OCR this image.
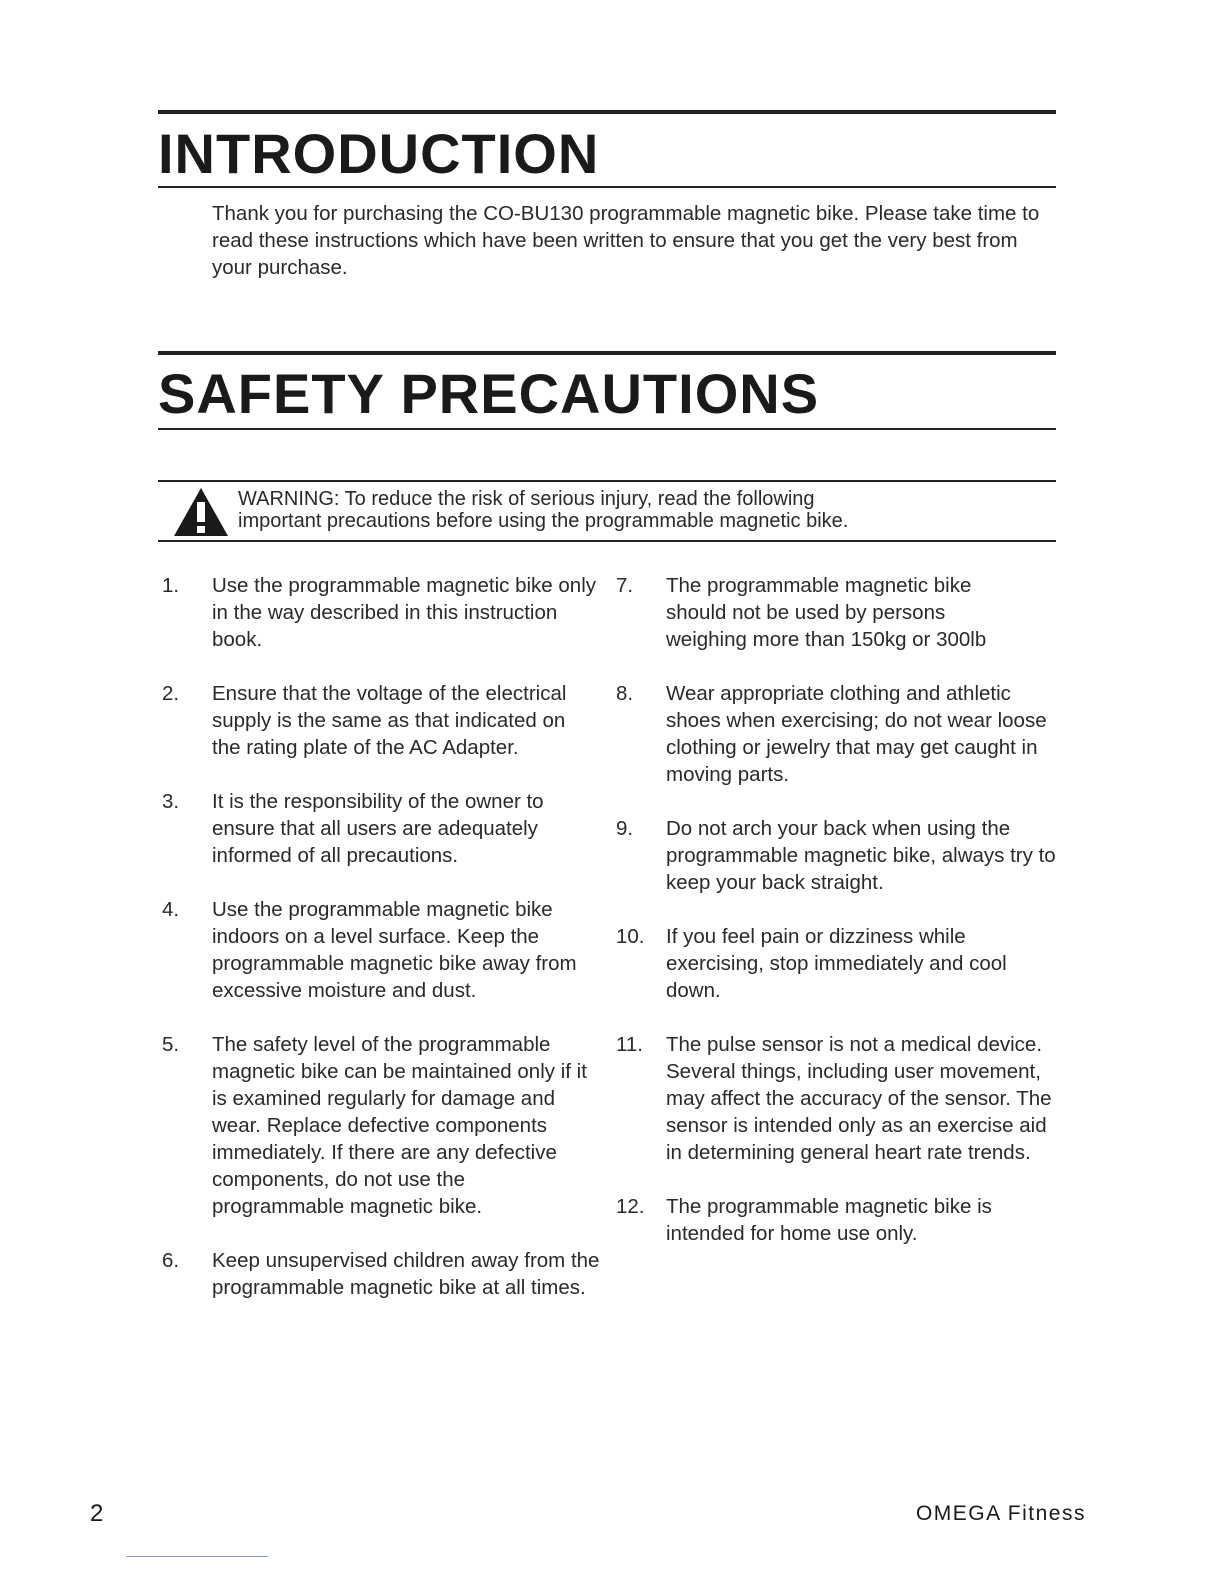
INTRODUCTION

Thank you for purchasing the CO-BU130 programmable magnetic bike. Please take time to read these instructions which have been written to ensure that you get the very best from your purchase.

SAFETY PRECAUTIONS

WARNING: To reduce the risk of serious injury, read the following
important precautions before using the programmable magnetic bike.

1.	Use the programmable magnetic bike only in the way described in this instruction book.
2.	Ensure that the voltage of the electrical supply is the same as that indicated on the rating plate of the AC Adapter.
3.	It is the responsibility of the owner to ensure that all users are adequately informed of all precautions.
4.	Use the programmable magnetic bike indoors on a level surface. Keep the programmable magnetic bike away from excessive moisture and dust.
5.	The safety level of the programmable magnetic bike can be maintained only if it is examined regularly for damage and wear. Replace defective components immediately. If there are any defective components, do not use the programmable magnetic bike.
6.	Keep unsupervised children away from the programmable magnetic bike at all times.
7.	The programmable magnetic bike should not be used by persons weighing more than 150kg or 300lb
8.	Wear appropriate clothing and athletic shoes when exercising; do not wear loose clothing or jewelry that may get caught in moving parts.
9.	Do not arch your back when using the programmable magnetic bike, always try to keep your back straight.
10.	If you feel pain or dizziness while exercising, stop immediately and cool down.
11.	The pulse sensor is not a medical device. Several things, including user movement, may affect the accuracy of the sensor. The sensor is intended only as an exercise aid in determining general heart rate trends.
12.	The programmable magnetic bike is intended for home use only.
2	OMEGA Fitness
